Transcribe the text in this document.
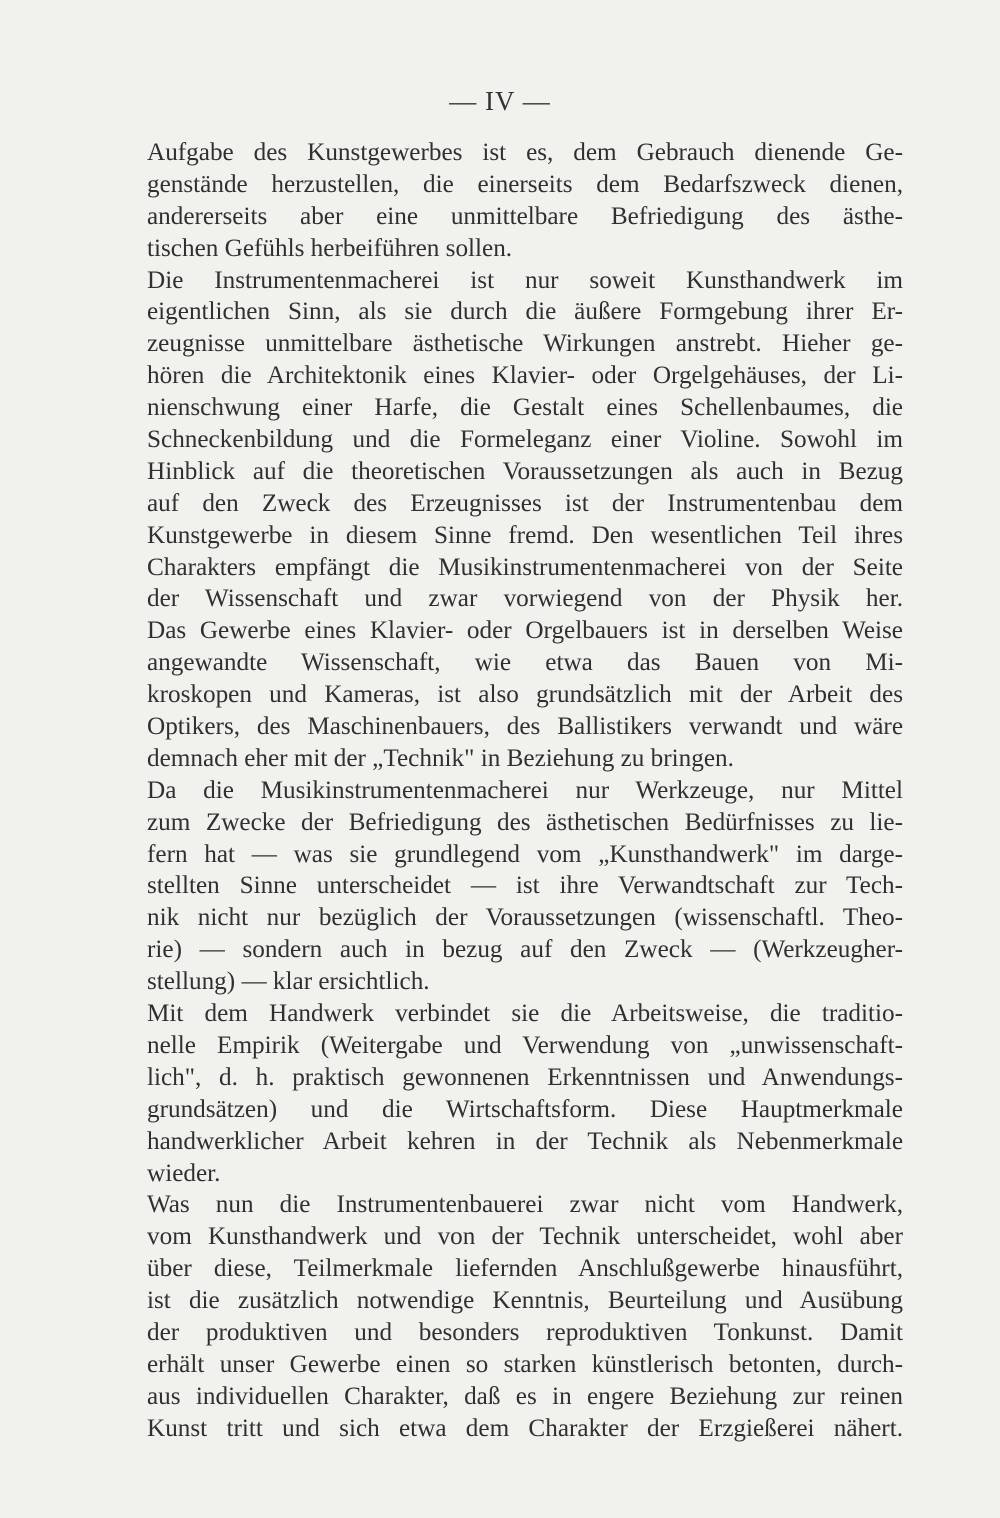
— IV —
Aufgabe des Kunstgewerbes ist es, dem Gebrauch dienende Ge-
genstände herzustellen, die einerseits dem Bedarfszweck dienen,
andererseits aber eine unmittelbare Befriedigung des ästhe-
tischen Gefühls herbeiführen sollen.
Die Instrumentenmacherei ist nur soweit Kunsthandwerk im
eigentlichen Sinn, als sie durch die äußere Formgebung ihrer Er-
zeugnisse unmittelbare ästhetische Wirkungen anstrebt. Hieher ge-
hören die Architektonik eines Klavier- oder Orgelgehäuses, der Li-
nienschwung einer Harfe, die Gestalt eines Schellenbaumes, die
Schneckenbildung und die Formeleganz einer Violine. Sowohl im
Hinblick auf die theoretischen Voraussetzungen als auch in Bezug
auf den Zweck des Erzeugnisses ist der Instrumentenbau dem
Kunstgewerbe in diesem Sinne fremd. Den wesentlichen Teil ihres
Charakters empfängt die Musikinstrumentenmacherei von der Seite
der Wissenschaft und zwar vorwiegend von der Physik her.
Das Gewerbe eines Klavier- oder Orgelbauers ist in derselben Weise
angewandte Wissenschaft, wie etwa das Bauen von Mi-
kroskopen und Kameras, ist also grundsätzlich mit der Arbeit des
Optikers, des Maschinenbauers, des Ballistikers verwandt und wäre
demnach eher mit der „Technik" in Beziehung zu bringen.
Da die Musikinstrumentenmacherei nur Werkzeuge, nur Mittel
zum Zwecke der Befriedigung des ästhetischen Bedürfnisses zu lie-
fern hat — was sie grundlegend vom „Kunsthandwerk" im darge-
stellten Sinne unterscheidet — ist ihre Verwandtschaft zur Tech-
nik nicht nur bezüglich der Voraussetzungen (wissenschaftl. Theo-
rie) — sondern auch in bezug auf den Zweck — (Werkzeugher-
stellung) — klar ersichtlich.
Mit dem Handwerk verbindet sie die Arbeitsweise, die traditio-
nelle Empirik (Weitergabe und Verwendung von „unwissenschaft-
lich", d. h. praktisch gewonnenen Erkenntnissen und Anwendungs-
grundsätzen) und die Wirtschaftsform. Diese Hauptmerkmale
handwerklicher Arbeit kehren in der Technik als Nebenmerkmale
wieder.
Was nun die Instrumentenbauerei zwar nicht vom Handwerk,
vom Kunsthandwerk und von der Technik unterscheidet, wohl aber
über diese, Teilmerkmale liefernden Anschlußgewerbe hinausführt,
ist die zusätzlich notwendige Kenntnis, Beurteilung und Ausübung
der produktiven und besonders reproduktiven Tonkunst. Damit
erhält unser Gewerbe einen so starken künstlerisch betonten, durch-
aus individuellen Charakter, daß es in engere Beziehung zur reinen
Kunst tritt und sich etwa dem Charakter der Erzgießerei nähert.
